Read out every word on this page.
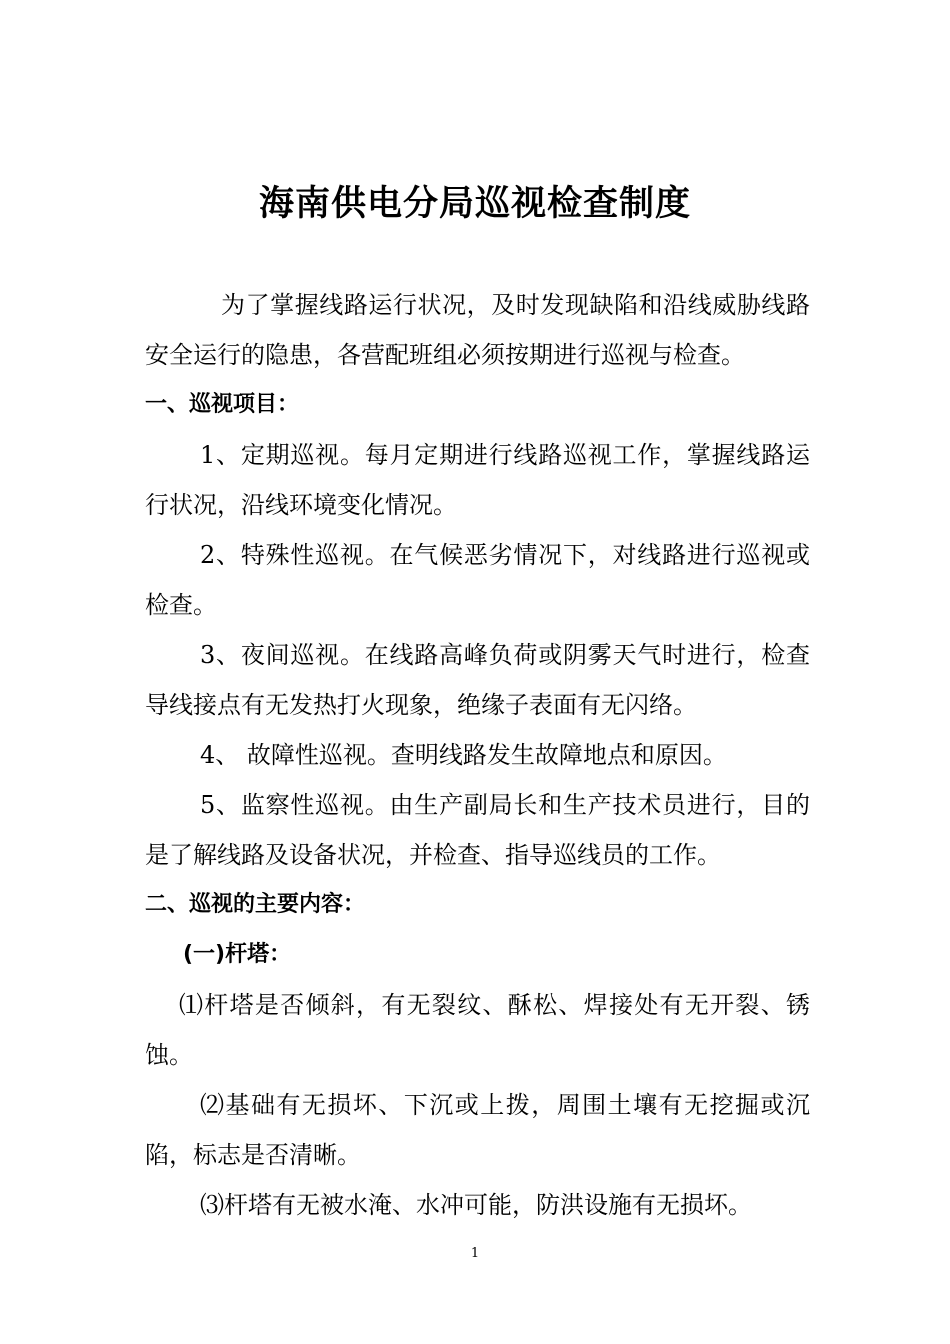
海南供电分局巡视检查制度

为了掌握线路运行状况，及时发现缺陷和沿线威胁线路安全运行的隐患，各营配班组必须按期进行巡视与检查。

一、巡视项目：

1、定期巡视。每月定期进行线路巡视工作，掌握线路运行状况，沿线环境变化情况。

2、特殊性巡视。在气候恶劣情况下，对线路进行巡视或检查。

3、夜间巡视。在线路高峰负荷或阴雾天气时进行，检查导线接点有无发热打火现象，绝缘子表面有无闪络。

4、 故障性巡视。查明线路发生故障地点和原因。

5、监察性巡视。由生产副局长和生产技术员进行，目的是了解线路及设备状况，并检查、指导巡线员的工作。

二、巡视的主要内容：

(一)杆塔：

⑴杆塔是否倾斜，有无裂纹、酥松、焊接处有无开裂、锈蚀。

⑵基础有无损坏、下沉或上拨，周围土壤有无挖掘或沉陷，标志是否清晰。

⑶杆塔有无被水淹、水冲可能，防洪设施有无损坏。

1
